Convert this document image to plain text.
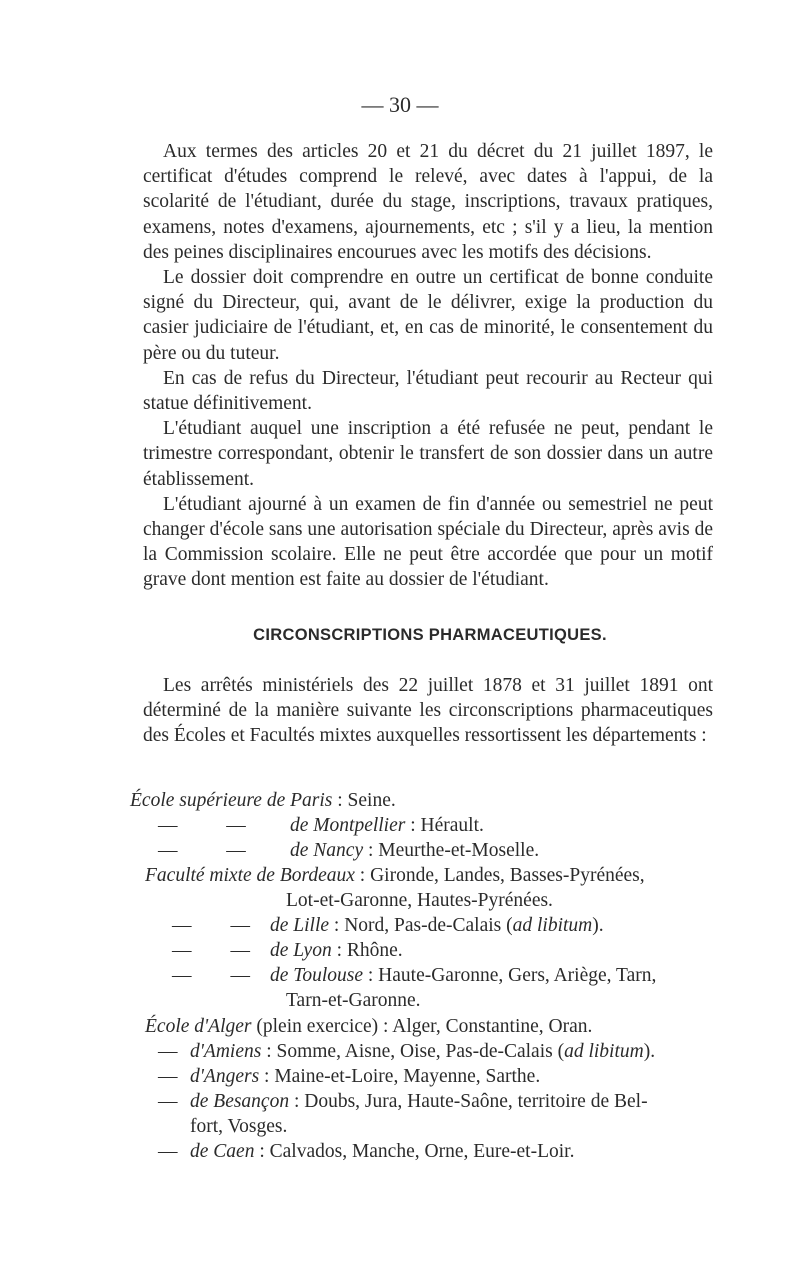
— 30 —

Aux termes des articles 20 et 21 du décret du 21 juillet 1897, le certificat d'études comprend le relevé, avec dates à l'appui, de la scolarité de l'étudiant, durée du stage, inscriptions, travaux pratiques, examens, notes d'examens, ajournements, etc ; s'il y a lieu, la mention des peines disciplinaires encourues avec les motifs des décisions.

Le dossier doit comprendre en outre un certificat de bonne conduite signé du Directeur, qui, avant de le délivrer, exige la production du casier judiciaire de l'étudiant, et, en cas de minorité, le consentement du père ou du tuteur.

En cas de refus du Directeur, l'étudiant peut recourir au Recteur qui statue définitivement.

L'étudiant auquel une inscription a été refusée ne peut, pendant le trimestre correspondant, obtenir le transfert de son dossier dans un autre établissement.

L'étudiant ajourné à un examen de fin d'année ou semestriel ne peut changer d'école sans une autorisation spéciale du Directeur, après avis de la Commission scolaire. Elle ne peut être accordée que pour un motif grave dont mention est faite au dossier de l'étudiant.

CIRCONSCRIPTIONS PHARMACEUTIQUES.

Les arrêtés ministériels des 22 juillet 1878 et 31 juillet 1891 ont déterminé de la manière suivante les circonscriptions pharmaceutiques des Écoles et Facultés mixtes auxquelles ressortissent les départements :

École supérieure de Paris : Seine.
—          — de Montpellier : Hérault.
—          — de Nancy : Meurthe-et-Moselle.
Faculté mixte de Bordeaux : Gironde, Landes, Basses-Pyrénées,
Lot-et-Garonne, Hautes-Pyrénées.
—        — de Lille : Nord, Pas-de-Calais (ad libitum).
—        — de Lyon : Rhône.
—        — de Toulouse : Haute-Garonne, Gers, Ariège, Tarn,
Tarn-et-Garonne.
École d'Alger (plein exercice) : Alger, Constantine, Oran.
— d'Amiens : Somme, Aisne, Oise, Pas-de-Calais (ad libitum).
— d'Angers : Maine-et-Loire, Mayenne, Sarthe.
— de Besançon : Doubs, Jura, Haute-Saône, territoire de Bel-
fort, Vosges.
— de Caen : Calvados, Manche, Orne, Eure-et-Loir.
